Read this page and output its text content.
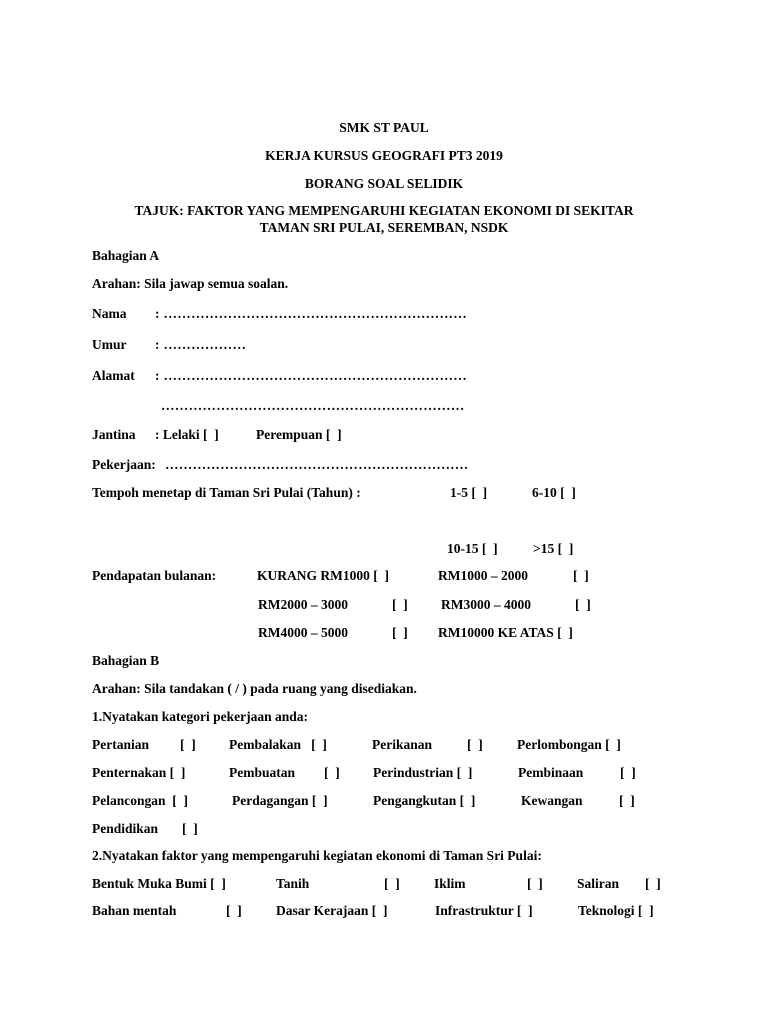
SMK ST PAUL
KERJA KURSUS GEOGRAFI PT3 2019
BORANG SOAL SELIDIK
TAJUK: FAKTOR YANG MEMPENGARUHI KEGIATAN EKONOMI DI SEKITAR
TAMAN SRI PULAI, SEREMBAN, NSDK
Bahagian A
Arahan: Sila jawap semua soalan.
Nama : …………………………………………………………
Umur : ………………
Alamat : …………………………………………………………
…………………………………………………………
Jantina : Lelaki [  ]	Perempuan [  ]
Pekerjaan: …………………………………………………………
Tempoh menetap di Taman Sri Pulai (Tahun) :	1-5 [  ]	6-10 [  ]
10-15 [  ]	>15 [  ]
Pendapatan bulanan:	KURANG RM1000 [  ]	RM1000 – 2000	[  ]
RM2000 – 3000	[  ] RM3000 – 4000	[  ]
RM4000 – 5000	[  ] RM10000 KE ATAS [  ]
Bahagian B
Arahan: Sila tandakan ( / ) pada ruang yang disediakan.
1.Nyatakan kategori pekerjaan anda:
Pertanian [  ] Pembalakan   [  ]	Perikanan	[  ]	Perlombongan [  ]
Penternakan [  ]	Pembuatan [  ] Perindustrian [  ]	Pembinaan	[  ]
Pelancongan  [  ]	Perdagangan [  ]	Pengangkutan [  ]	Kewangan	[  ]
Pendidikan [  ]
2.Nyatakan faktor yang mempengaruhi kegiatan ekonomi di Taman Sri Pulai:
Bentuk Muka Bumi [  ]	Tanih	[  ]	Iklim	[  ]	Saliran [  ]
Bahan mentah	[  ]	Dasar Kerajaan [  ]	Infrastruktur [  ]	Teknologi [  ]
